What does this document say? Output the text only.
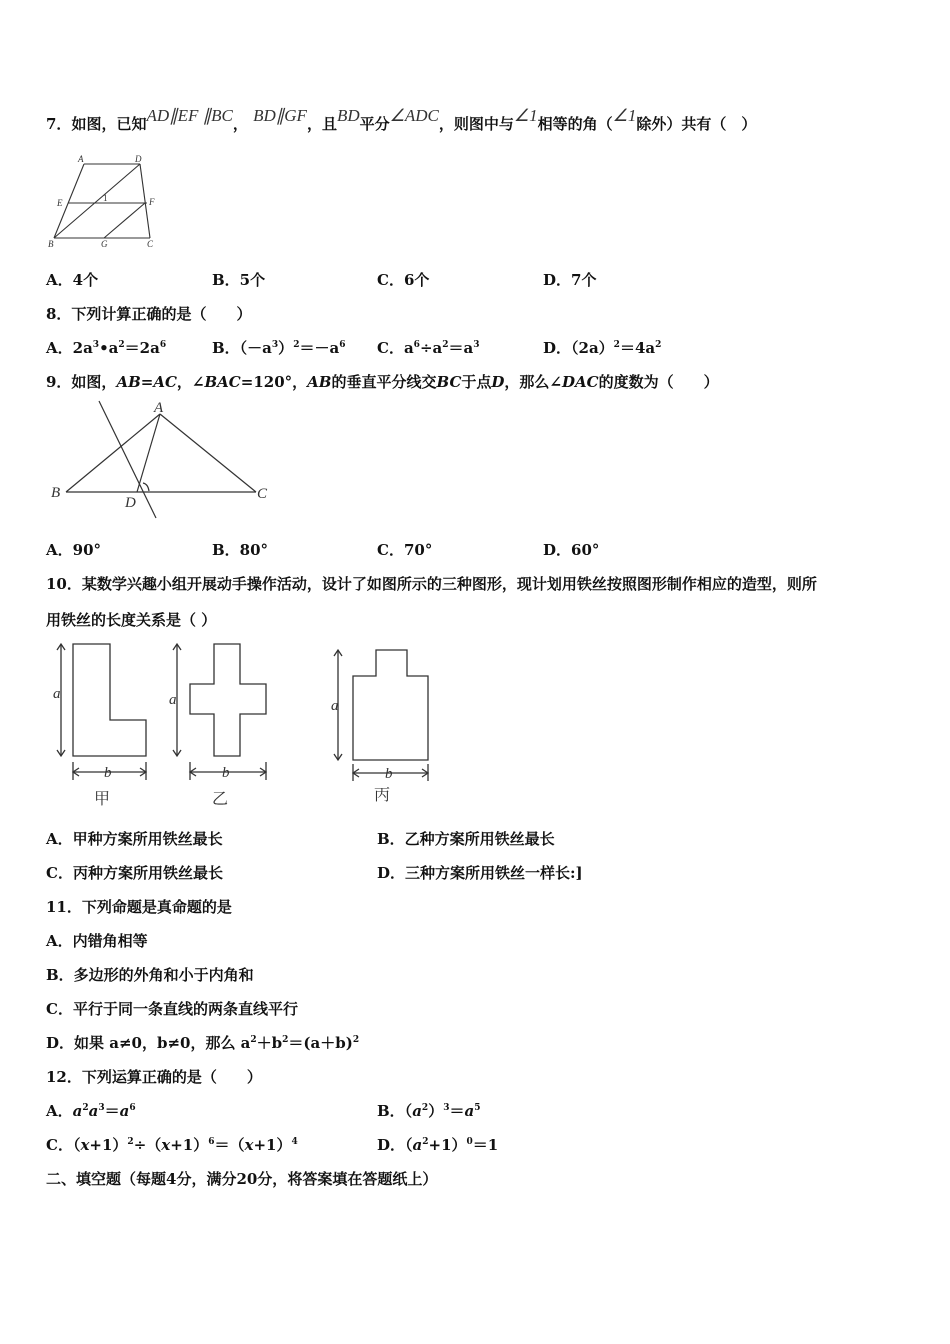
7．如图，已知AD∥EF ∥BC， BD∥GF，且BD平分∠ADC，则图中与∠1相等的角（∠1除外）共有（　）
A	D
E	F
B	G	C
1
A．4个	B．5个	C．6个	D．7个
8．下列计算正确的是（　　）
A．$2a^3•a^2=2a^6$	B．$(-a^3)^2=-a^6$ C．$a^6\div a^2=a^3$	D．$(2a)^2=4a^2$
9．如图，AB=AC，∠BAC=120°，AB的垂直平分线交BC于点D，那么∠DAC的度数为（　　）
A
B	C
D
A．90°	B．80°	C．70°	D．60°
10．某数学兴趣小组开展动手操作活动，设计了如图所示的三种图形，现计划用铁丝按照图形制作相应的造型，则所
用铁丝的长度关系是（ ）
a
b
a
b
a
b
甲	乙	丙
A．甲种方案所用铁丝最长	B．乙种方案所用铁丝最长
C．丙种方案所用铁丝最长	D．三种方案所用铁丝一样长:]
11．下列命题是真命题的是
A．内错角相等
B．多边形的外角和小于内角和
C．平行于同一条直线的两条直线平行
D．如果 a≠0，b≠0，那么 $a^2+b^2=(a+b)^2$
12．下列运算正确的是（　　）
A．$a^2a^3=a^6$	B．$(a^2)^3=a^5$
C．$(x+1)^2\div(x+1)^6=(x+1)^4$	D．$(a^2+1)^0=1$
二、填空题（每题4分，满分20分，将答案填在答题纸上）
